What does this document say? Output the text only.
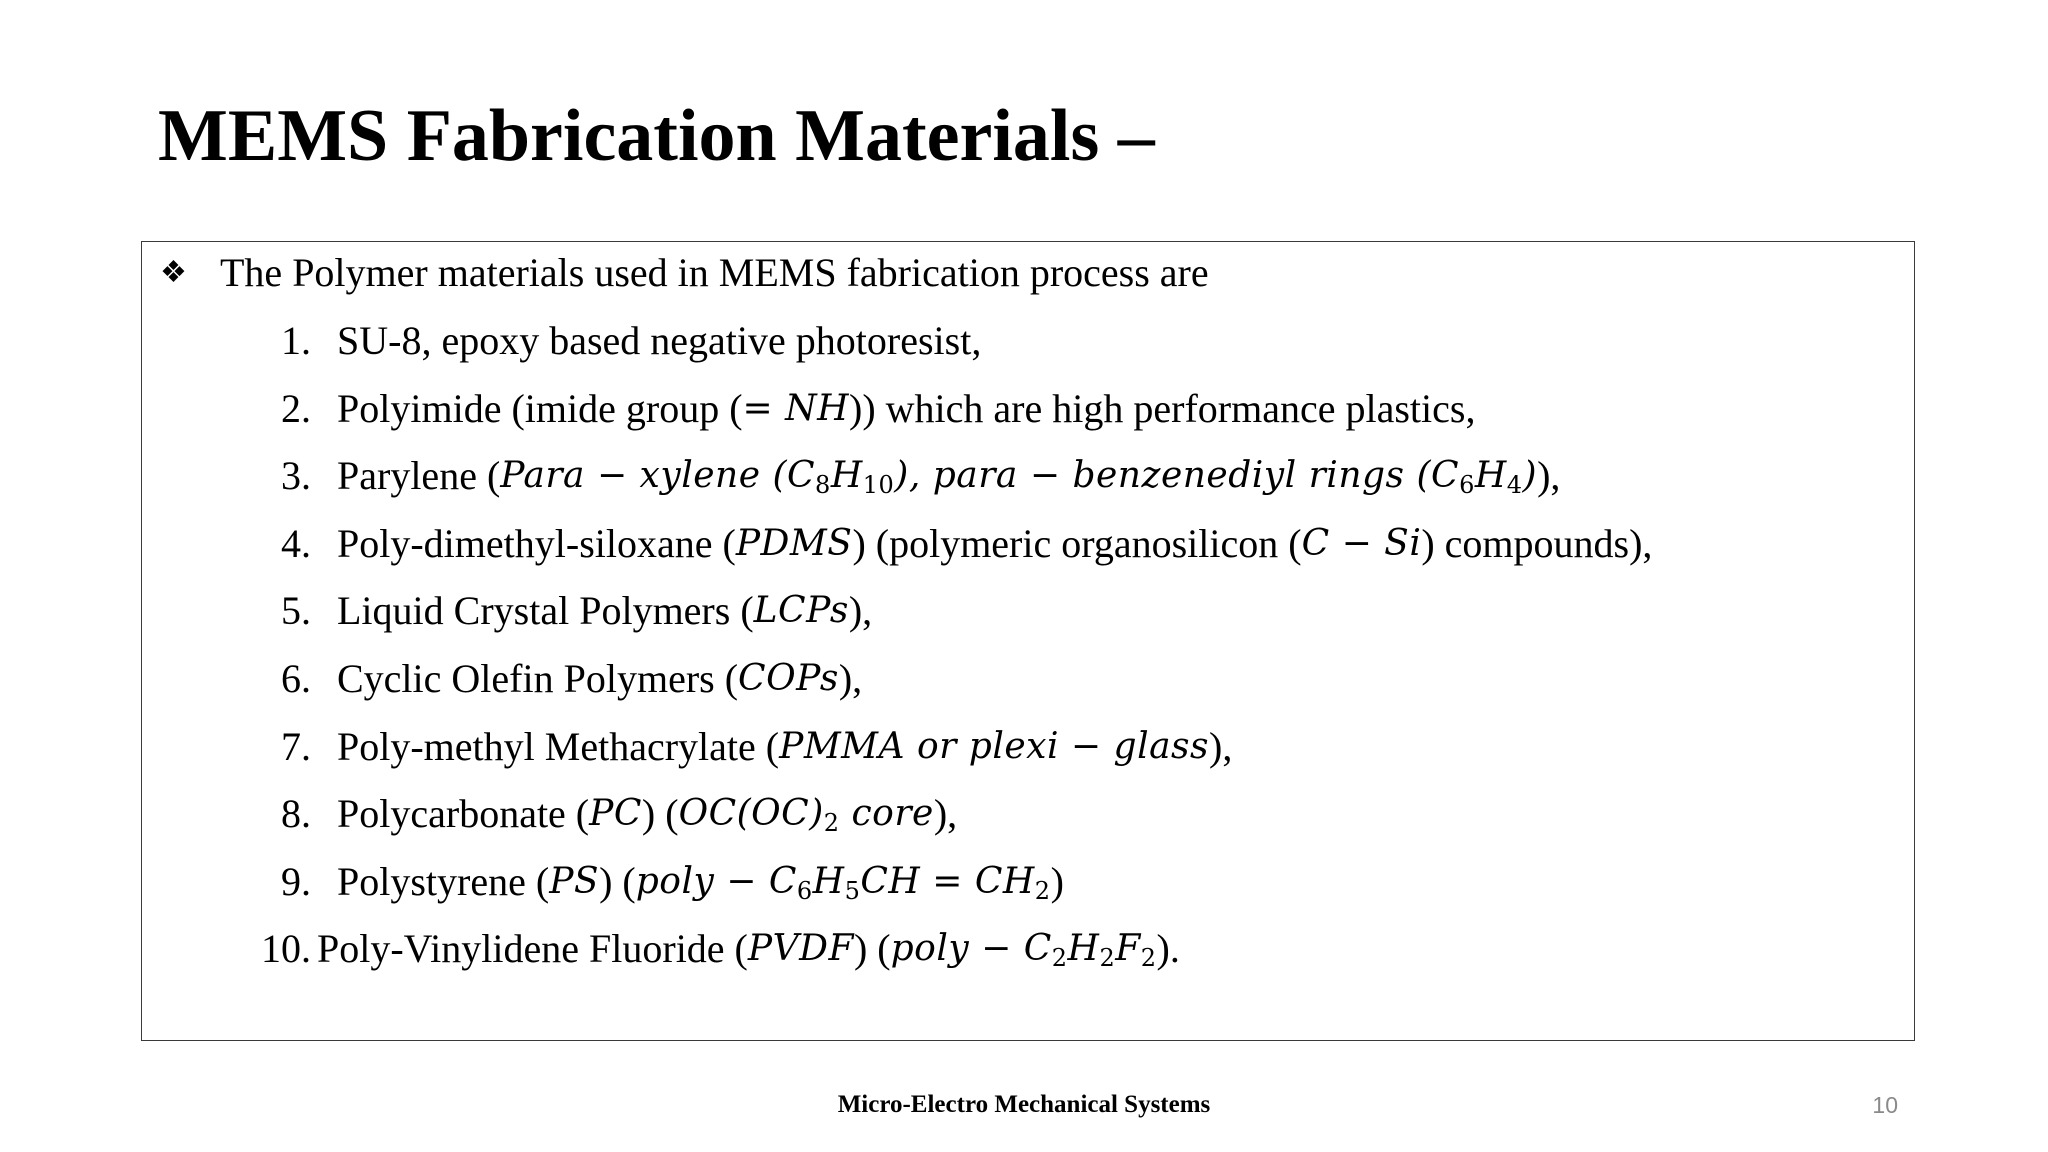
MEMS Fabrication Materials –
❖ The Polymer materials used in MEMS fabrication process are
1. SU-8, epoxy based negative photoresist,
2. Polyimide (imide group ( = NH )) which are high performance plastics,
3. Parylene ( Para − xylene $(C_8H_{10})$, para − benzenediyl rings $(C_6H_4)$ ),
4. Poly-dimethyl-siloxane ( PDMS ) (polymeric organosilicon ( C − Si ) compounds),
5. Liquid Crystal Polymers ( LCPs ),
6. Cyclic Olefin Polymers ( COPs ),
7. Poly-methyl Methacrylate ( PMMA or plexi − glass ),
8. Polycarbonate ( PC ) ( $OC(OC)_2$ core ),
9. Polystyrene ( PS ) ( poly − $C_6H_5CH = CH_2$ )
10. Poly-Vinylidene Fluoride ( PVDF ) ( poly − $C_2H_2F_2$ ).
Micro-Electro Mechanical Systems	10
